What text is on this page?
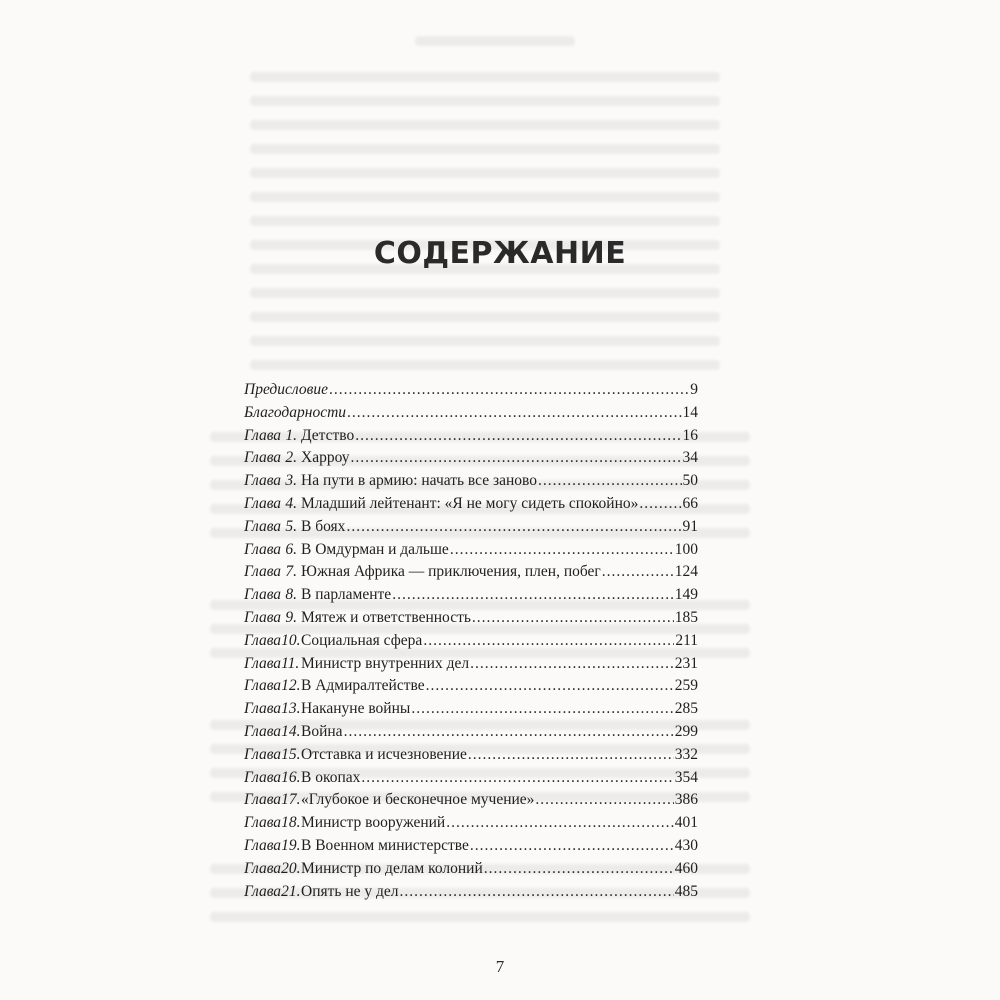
СОДЕРЖАНИЕ
Предисловие .....	9
Благодарности .....	14
Глава 1. Детство .....	16
Глава 2. Харроу .....	34
Глава 3. На пути в армию: начать все заново .....	50
Глава 4. Младший лейтенант: «Я не могу сидеть спокойно» .....	66
Глава 5. В боях .....	91
Глава 6. В Омдурман и дальше .....	100
Глава 7. Южная Африка — приключения, плен, побег .....	124
Глава 8. В парламенте .....	149
Глава 9. Мятеж и ответственность .....	185
Глава 10. Социальная сфера .....	211
Глава 11. Министр внутренних дел .....	231
Глава 12. В Адмиралтействе .....	259
Глава 13. Накануне войны .....	285
Глава 14. Война .....	299
Глава 15. Отставка и исчезновение .....	332
Глава 16. В окопах .....	354
Глава 17. «Глубокое и бесконечное мучение» .....	386
Глава 18. Министр вооружений .....	401
Глава 19. В Военном министерстве .....	430
Глава 20. Министр по делам колоний .....	460
Глава 21. Опять не у дел .....	485
7
